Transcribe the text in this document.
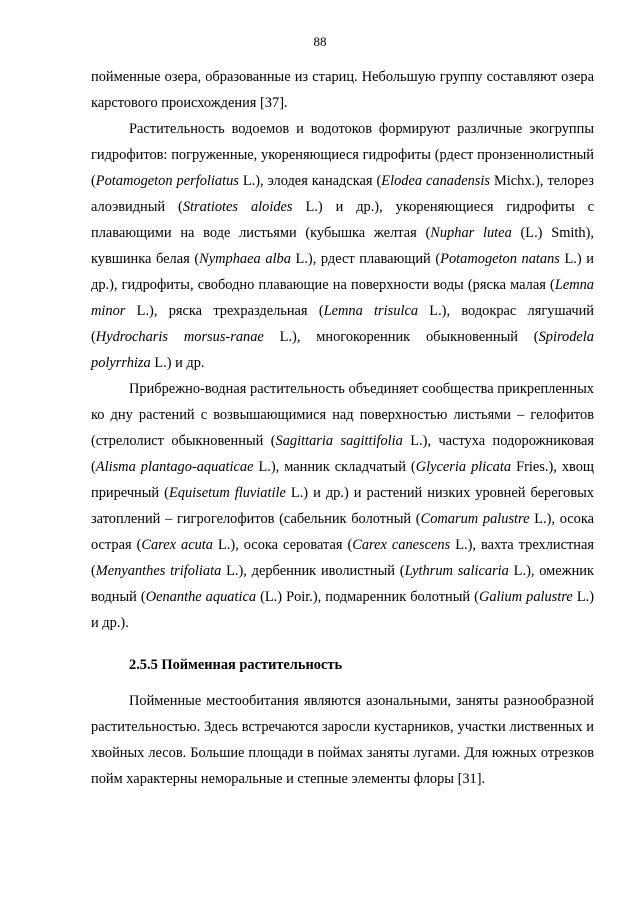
88

пойменные озера, образованные из стариц. Небольшую группу составляют озера карстового происхождения [37].

Растительность водоемов и водотоков формируют различные экогруппы гидрофитов: погруженные, укореняющиеся гидрофиты (рдест пронзеннолистный (Potamogeton perfoliatus L.), элодея канадская (Elodea canadensis Michx.), телорез алоэвидный (Stratiotes aloides L.) и др.), укореняющиеся гидрофиты с плавающими на воде листьями (кубышка желтая (Nuphar lutea (L.) Smith), кувшинка белая (Nymphaea alba L.), рдест плавающий (Potamogeton natans L.) и др.), гидрофиты, свободно плавающие на поверхности воды (ряска малая (Lemna minor L.), ряска трехраздельная (Lemna trisulca L.), водокрас лягушачий (Hydrocharis morsus-ranae L.), многокоренник обыкновенный (Spirodela polyrrhiza L.) и др.

Прибрежно-водная растительность объединяет сообщества прикрепленных ко дну растений с возвышающимися над поверхностью листьями – гелофитов (стрелолист обыкновенный (Sagittaria sagittifolia L.), частуха подорожниковая (Alisma plantago-aquaticae L.), манник складчатый (Glyceria plicata Fries.), хвощ приречный (Equisetum fluviatile L.) и др.) и растений низких уровней береговых затоплений – гигрогелофитов (сабельник болотный (Comarum palustre L.), осока острая (Carex acuta L.), осока сероватая (Carex canescens L.), вахта трехлистная (Menyanthes trifoliata L.), дербенник иволистный (Lythrum salicaria L.), омежник водный (Oenanthe aquatica (L.) Poir.), подмаренник болотный (Galium palustre L.) и др.).

2.5.5 Пойменная растительность

Пойменные местообитания являются азональными, заняты разнообразной растительностью. Здесь встречаются заросли кустарников, участки лиственных и хвойных лесов. Большие площади в поймах заняты лугами. Для южных отрезков пойм характерны неморальные и степные элементы флоры [31].
